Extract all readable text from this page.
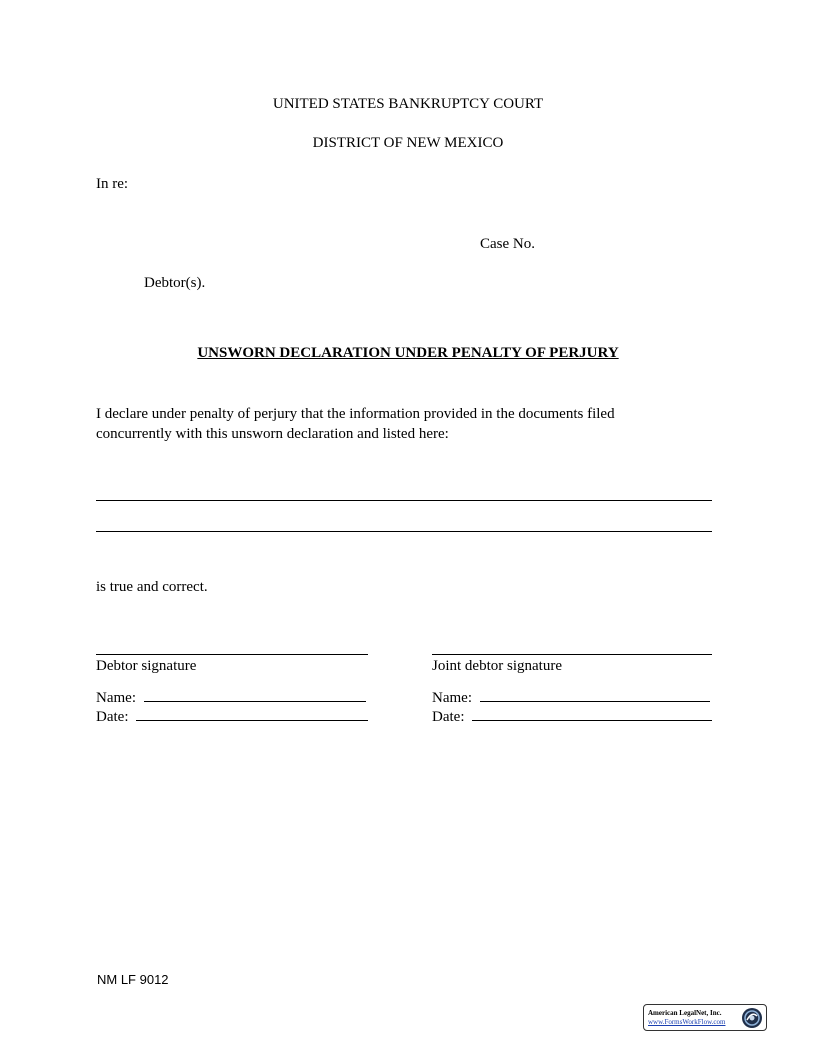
UNITED STATES BANKRUPTCY COURT
DISTRICT OF NEW MEXICO
In re:
Case No.
Debtor(s).
UNSWORN DECLARATION UNDER PENALTY OF PERJURY
I declare under penalty of perjury that the information provided in the documents filed
concurrently with this unsworn declaration and listed here:
is true and correct.
Debtor signature
Name:
Date:
Joint debtor signature
Name:
Date:
NM LF 9012
American LegalNet, Inc.
www.FormsWorkFlow.com
